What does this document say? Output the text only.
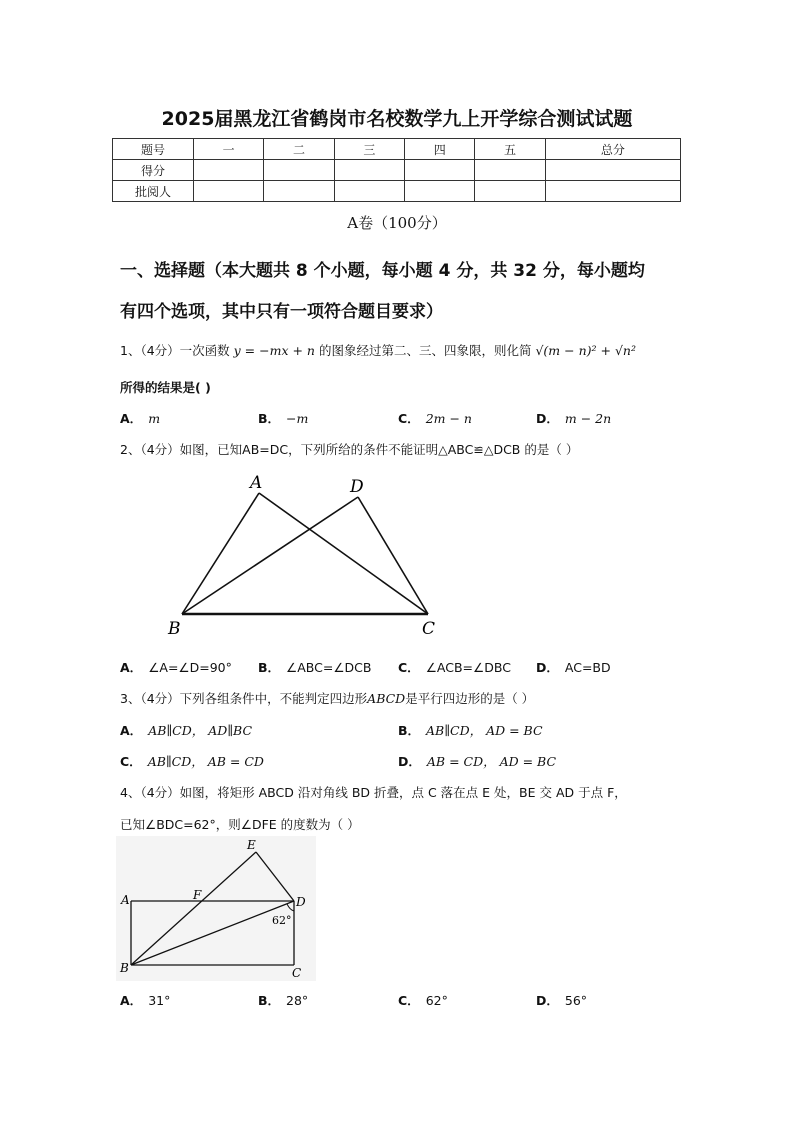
2025届黑龙江省鹤岗市名校数学九上开学综合测试试题
题号	一	二	三	四	五	总分
得分						
批阅人						
A卷（100分）
一、选择题（本大题共 8 个小题，每小题 4 分，共 32 分，每小题均
有四个选项，其中只有一项符合题目要求）
1、（4分）一次函数 y = −mx + n 的图象经过第二、三、四象限，则化简 √(m − n)² + √n²
所得的结果是( )
A． m	B． −m	C． 2m − n	D． m − 2n
2、（4分）如图，已知AB=DC，下列所给的条件不能证明△ABC≌△DCB 的是（ ）
A	D
B	C
A． ∠A=∠D=90° B． ∠ABC=∠DCB C． ∠ACB=∠DBC D． AC=BD
3、（4分）下列各组条件中，不能判定四边形ABCD是平行四边形的是（ ）
A． AB∥CD， AD∥BC	B． AB∥CD， AD = BC
C． AB∥CD， AB = CD	D． AB = CD， AD = BC
4、（4分）如图，将矩形 ABCD 沿对角线 BD 折叠，点 C 落在点 E 处，BE 交 AD 于点 F，
已知∠BDC=62°，则∠DFE 的度数为（ ）
E
A	F	D
62°
B	C
A． 31°	B． 28°	C． 62°	D． 56°
